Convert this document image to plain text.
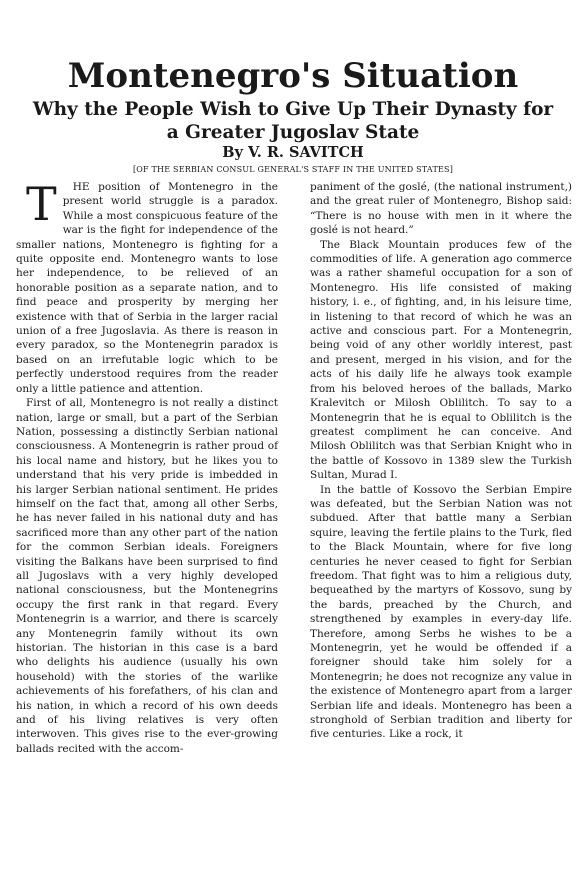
Montenegro's Situation
Why the People Wish to Give Up Their Dynasty for a Greater Jugoslav State
By V. R. SAVITCH
[OF THE SERBIAN CONSUL GENERAL'S STAFF IN THE UNITED STATES]

T HE position of Montenegro in the present world struggle is a paradox. While a most conspicuous feature of the war is the fight for independence of the smaller nations, Montenegro is fighting for a quite opposite end. Montenegro wants to lose her independence, to be relieved of an honorable position as a separate nation, and to find peace and prosperity by merging her existence with that of Serbia in the larger racial union of a free Jugoslavia. As there is reason in every paradox, so the Montenegrin paradox is based on an irrefutable logic which to be perfectly understood requires from the reader only a little patience and attention.

First of all, Montenegro is not really a distinct nation, large or small, but a part of the Serbian Nation, possessing a distinctly Serbian national consciousness. A Montenegrin is rather proud of his local name and history, but he likes you to understand that his very pride is imbedded in his larger Serbian national sentiment. He prides himself on the fact that, among all other Serbs, he has never failed in his national duty and has sacrificed more than any other part of the nation for the common Serbian ideals. Foreigners visiting the Balkans have been surprised to find all Jugoslavs with a very highly developed national consciousness, but the Montenegrins occupy the first rank in that regard. Every Montenegrin is a warrior, and there is scarcely any Montenegrin family without its own historian. The historian in this case is a bard who delights his audience (usually his own household) with the stories of the warlike achievements of his forefathers, of his clan and his nation, in which a record of his own deeds and of his living relatives is very often interwoven. This gives rise to the ever-growing ballads recited with the accom-

paniment of the goslé, (the national instrument,) and the great ruler of Montenegro, Bishop said: “There is no house with men in it where the goslé is not heard.”

The Black Mountain produces few of the commodities of life. A generation ago commerce was a rather shameful occupation for a son of Montenegro. His life consisted of making history, i. e., of fighting, and, in his leisure time, in listening to that record of which he was an active and conscious part. For a Montenegrin, being void of any other worldly interest, past and present, merged in his vision, and for the acts of his daily life he always took example from his beloved heroes of the ballads, Marko Kralevitch or Milosh Oblilitch. To say to a Montenegrin that he is equal to Oblilitch is the greatest compliment he can conceive. And Milosh Oblilitch was that Serbian Knight who in the battle of Kossovo in 1389 slew the Turkish Sultan, Murad I.

In the battle of Kossovo the Serbian Empire was defeated, but the Serbian Nation was not subdued. After that battle many a Serbian squire, leaving the fertile plains to the Turk, fled to the Black Mountain, where for five long centuries he never ceased to fight for Serbian freedom. That fight was to him a religious duty, bequeathed by the martyrs of Kossovo, sung by the bards, preached by the Church, and strengthened by examples in every-day life. Therefore, among Serbs he wishes to be a Montenegrin, yet he would be offended if a foreigner should take him solely for a Montenegrin; he does not recognize any value in the existence of Montenegro apart from a larger Serbian life and ideals. Montenegro has been a stronghold of Serbian tradition and liberty for five centuries. Like a rock, it
